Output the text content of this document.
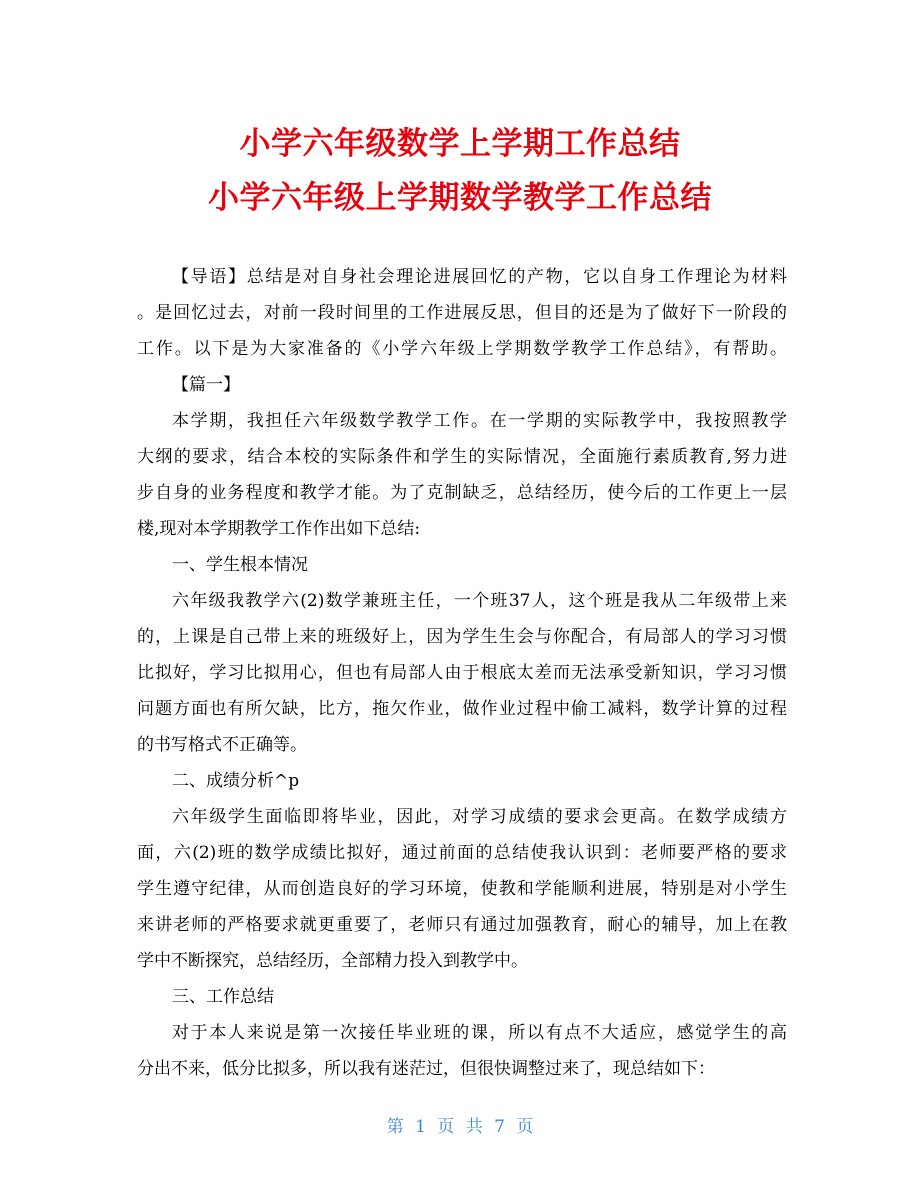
小学六年级数学上学期工作总结
小学六年级上学期数学教学工作总结
【导语】总结是对自身社会理论进展回忆的产物，它以自身工作理论为材料
。是回忆过去，对前一段时间里的工作进展反思，但目的还是为了做好下一阶段的
工作。以下是为大家准备的《小学六年级上学期数学教学工作总结》，有帮助。
【篇一】
本学期，我担任六年级数学教学工作。在一学期的实际教学中，我按照教学
大纲的要求，结合本校的实际条件和学生的实际情况，全面施行素质教育,努力进
步自身的业务程度和教学才能。为了克制缺乏，总结经历，使今后的工作更上一层
楼,现对本学期教学工作作出如下总结:
一、学生根本情况
六年级我教学六(2)数学兼班主任，一个班37人，这个班是我从二年级带上来
的，上课是自己带上来的班级好上，因为学生生会与你配合，有局部人的学习习惯
比拟好，学习比拟用心，但也有局部人由于根底太差而无法承受新知识，学习习惯
问题方面也有所欠缺，比方，拖欠作业，做作业过程中偷工减料，数学计算的过程
的书写格式不正确等。
二、成绩分析^p
六年级学生面临即将毕业，因此，对学习成绩的要求会更高。在数学成绩方
面，六(2)班的数学成绩比拟好，通过前面的总结使我认识到：老师要严格的要求
学生遵守纪律，从而创造良好的学习环境，使教和学能顺利进展，特别是对小学生
来讲老师的严格要求就更重要了，老师只有通过加强教育，耐心的辅导，加上在教
学中不断探究，总结经历，全部精力投入到教学中。
三、工作总结
对于本人来说是第一次接任毕业班的课，所以有点不大适应，感觉学生的高
分出不来，低分比拟多，所以我有迷茫过，但很快调整过来了，现总结如下：
第 1 页 共 7 页
